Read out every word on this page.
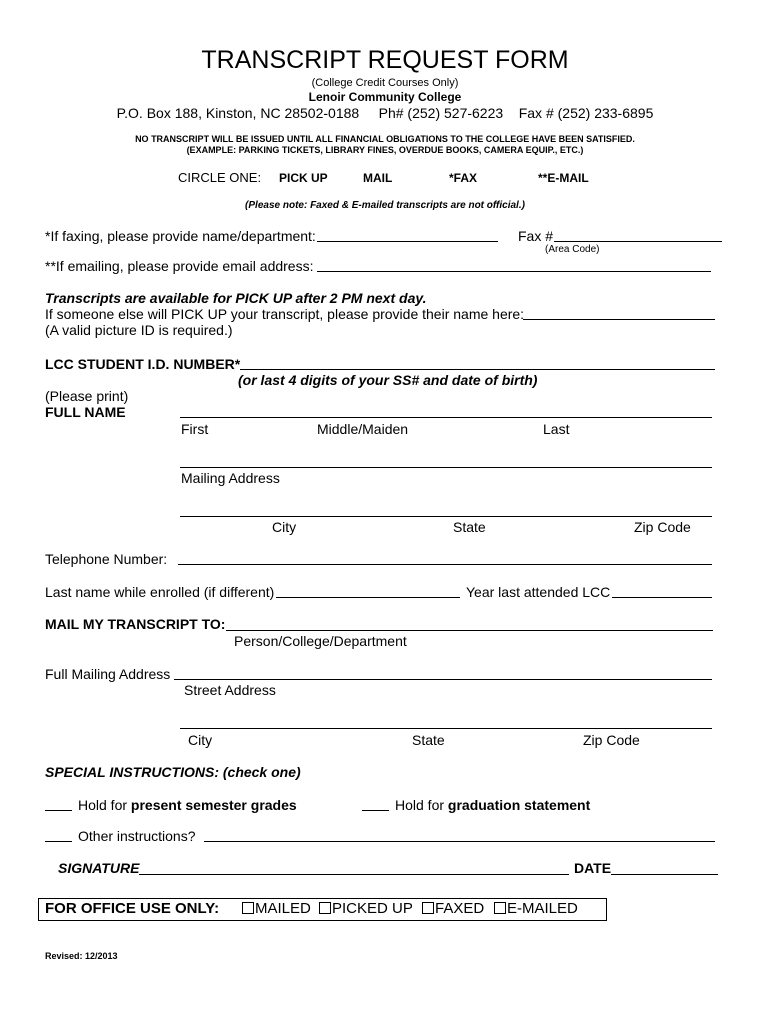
TRANSCRIPT REQUEST FORM
(College Credit Courses Only)
Lenoir Community College
P.O. Box 188, Kinston, NC 28502-0188     Ph# (252) 527-6223    Fax # (252) 233-6895
NO TRANSCRIPT WILL BE ISSUED UNTIL ALL FINANCIAL OBLIGATIONS TO THE COLLEGE HAVE BEEN SATISFIED.
(EXAMPLE: PARKING TICKETS, LIBRARY FINES, OVERDUE BOOKS, CAMERA EQUIP., ETC.)
CIRCLE ONE: PICK UP	MAIL	*FAX	**E-MAIL
(Please note: Faxed & E-mailed transcripts are not official.)
*If faxing, please provide name/department:	Fax #
(Area Code)
**If emailing, please provide email address:
Transcripts are available for PICK UP after 2 PM next day.
If someone else will PICK UP your transcript, please provide their name here:
(A valid picture ID is required.)
LCC STUDENT I.D. NUMBER*
(or last 4 digits of your SS# and date of birth)
(Please print)
FULL NAME
First	Middle/Maiden	Last
Mailing Address
City	State	Zip Code
Telephone Number:
Last name while enrolled (if different)	Year last attended LCC
MAIL MY TRANSCRIPT TO:
Person/College/Department
Full Mailing Address
Street Address
City	State	Zip Code
SPECIAL INSTRUCTIONS: (check one)
Hold for present semester grades	Hold for graduation statement
Other instructions?
SIGNATURE	DATE
FOR OFFICE USE ONLY:	MAILED	PICKED UP	FAXED	E-MAILED
Revised: 12/2013
